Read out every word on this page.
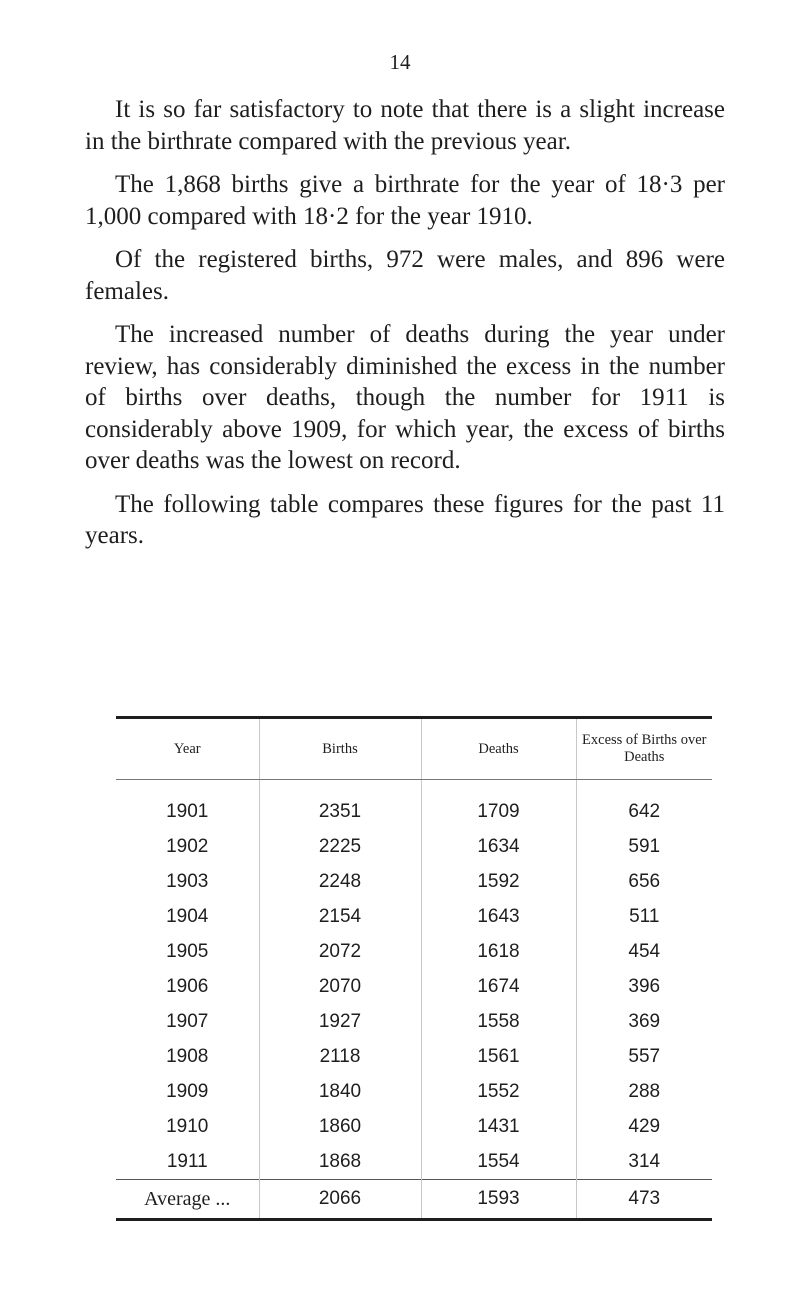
14

It is so far satisfactory to note that there is a slight increase in the birthrate compared with the previous year.

The 1,868 births give a birthrate for the year of 18·3 per 1,000 compared with 18·2 for the year 1910.

Of the registered births, 972 were males, and 896 were females.

The increased number of deaths during the year under review, has considerably diminished the excess in the number of births over deaths, though the number for 1911 is considerably above 1909, for which year, the excess of births over deaths was the lowest on record.

The following table compares these figures for the past 11 years.

Year	Births	Deaths	Excess of Births over Deaths
1901	2351	1709	642
1902	2225	1634	591
1903	2248	1592	656
1904	2154	1643	511
1905	2072	1618	454
1906	2070	1674	396
1907	1927	1558	369
1908	2118	1561	557
1909	1840	1552	288
1910	1860	1431	429
1911	1868	1554	314
Average ...	2066	1593	473
